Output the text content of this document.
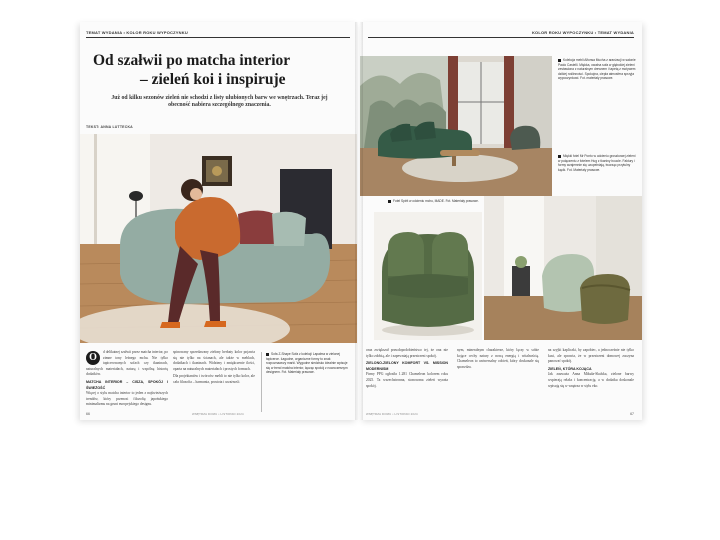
TEMAT WYDANIA • KOLOR ROKU WYPOCZYNKU
Od szałwii po matcha interior
– zieleń koi i inspiruje
Już od kilku sezonów zieleń nie schodzi z listy ulubionych barw we wnętrzach. Teraz jej obecność nabiera szczególnego znaczenia.
TEKST: ANNA LUTTECKA
O	d delikatnej szałwii przez matcha interior, po zimne tony leśnego mchu. Nie tylko tapicerowanych sofach czy tkaninach, naturalnych materiałach, naturą i wspólną historię dodatków.
MATCHA INTERIOR – CISZA, SPOKÓJ I ŚWIEŻOŚĆ
Więcej o stylu matcha interior to jeden z najświeższych trendów, który przenosi filozofię japońskiego minimalizmu na grunt europejskiego designu.
spinowany sprzedawany zielony herbaty kolor pojawia się nie tylko na ścianach, ale także w meblach, dodatkach i tkaninach. Widzimy i zmiękczenie ilości, oparta na naturalnych materiałach i prostych formach.
Dla projektantów i twórców mebli to nie tylko kolor, ale cała filozofia – harmonia, prostota i uważność.
Sofa Z-Shape Sofa z kolekcji Lapalma w zielonej tapicerce. Łagodne, organiczne formy to znak rozpoznawczy marki. Wygodne siedzisko idealnie wpisuje się w trend matcha interior, łącząc spokój z nowoczesnym designem. Fot. Materiały prasowe.
66	WNĘTRZA DOMU • LISTOPAD 2024
KOLOR ROKU WYPOCZYNKU • TEMAT WYDANIA
Kolekcja mebli Alfonsa Mucha z aranżacji w salonie Paolo Castelli. Miękka, owalna sofa w głębokiej zieleni zestawiona z naturalnym drewnem i tapetą z motywem dzikiej roślinności. Spokojna, ciepła atmosfera sprzyja wypoczynkowi. Fot. materiały prasowe.
Miękki fotel Mr Ponto w odcieniu groszkowej zieleni w połączeniu z fotelem Hug z tkaniny boucle. Faktury i formy wzajemnie się uzupełniają, tworząc przytulny kącik. Fot. Materiały prasowe.
Fotel Spirit w odcieniu mchu, MADE. Fot. Materiały prasowe.
oraz zwiększał prawdopodobieństwo tej, że ona nie tylko zdobią, ale i zapewniają przestrzeni spokój.
ZIELONO-ZIELONY KOMFORT VS. MISSION MODERNISM
Firmy PPG ogłosiła 1.281 Chameleon kolorem roku 2025. Ta wszechstronna, stonowana zieleń wyraża spokój.
nym, mineralnym charakterze, który łączy w sobie kojące cechy natury z nową energią i witalnością. Chameleon to uniwersalny odcień, który doskonale się sprawdza.
na szyjki kapliczki, by zapobiec, a jednocześnie nie tylko kusi, ale sprawia, że w przestrzeni domowej zaczyna panować spokój.
ZIELEŃ, KTÓRA KOJĄCA
Jak zauważa Anna Mikuła-Skalska, zielone barwy wspierają relaks i koncentrację, a w dodatku doskonale wpisują się w wnętrza w stylu eko.
WNĘTRZA DOMU • LISTOPAD 2024	67
